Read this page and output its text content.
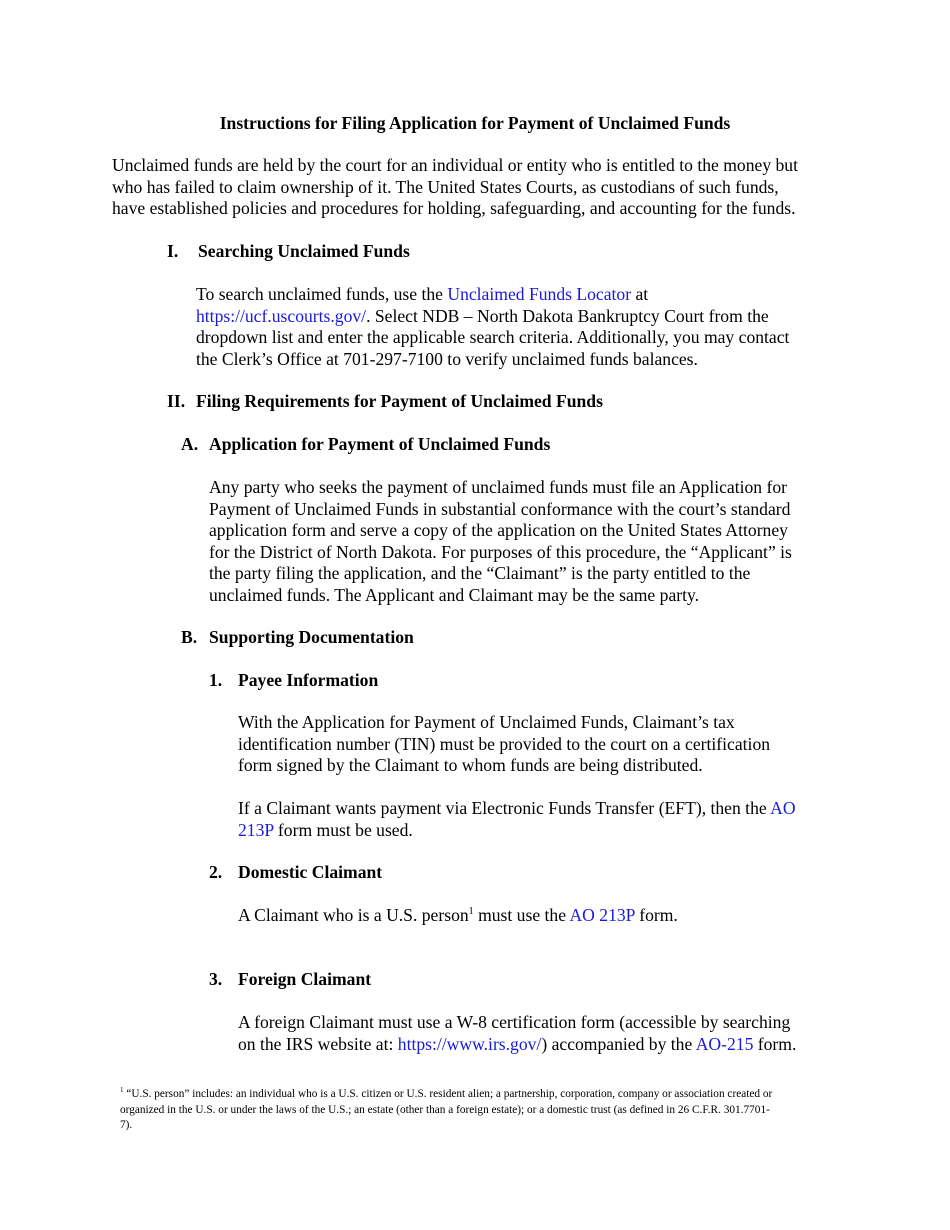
Instructions for Filing Application for Payment of Unclaimed Funds

Unclaimed funds are held by the court for an individual or entity who is entitled to the money but
who has failed to claim ownership of it. The United States Courts, as custodians of such funds,
have established policies and procedures for holding, safeguarding, and accounting for the funds.
I. Searching Unclaimed Funds
To search unclaimed funds, use the Unclaimed Funds Locator at
https://ucf.uscourts.gov/. Select NDB – North Dakota Bankruptcy Court from the
dropdown list and enter the applicable search criteria. Additionally, you may contact
the Clerk’s Office at 701-297-7100 to verify unclaimed funds balances.
II. Filing Requirements for Payment of Unclaimed Funds
A. Application for Payment of Unclaimed Funds
Any party who seeks the payment of unclaimed funds must file an Application for
Payment of Unclaimed Funds in substantial conformance with the court’s standard
application form and serve a copy of the application on the United States Attorney
for the District of North Dakota. For purposes of this procedure, the “Applicant” is
the party filing the application, and the “Claimant” is the party entitled to the
unclaimed funds. The Applicant and Claimant may be the same party.
B. Supporting Documentation
1. Payee Information
With the Application for Payment of Unclaimed Funds, Claimant’s tax
identification number (TIN) must be provided to the court on a certification
form signed by the Claimant to whom funds are being distributed.
If a Claimant wants payment via Electronic Funds Transfer (EFT), then the AO
213P form must be used.
2. Domestic Claimant
A Claimant who is a U.S. person$^1$ must use the AO 213P form.
3. Foreign Claimant
A foreign Claimant must use a W-8 certification form (accessible by searching
on the IRS website at: https://www.irs.gov/) accompanied by the AO-215 form.
$^1$ “U.S. person” includes: an individual who is a U.S. citizen or U.S. resident alien; a partnership, corporation, company or association created or
organized in the U.S. or under the laws of the U.S.; an estate (other than a foreign estate); or a domestic trust (as defined in 26 C.F.R. 301.7701-
7).
